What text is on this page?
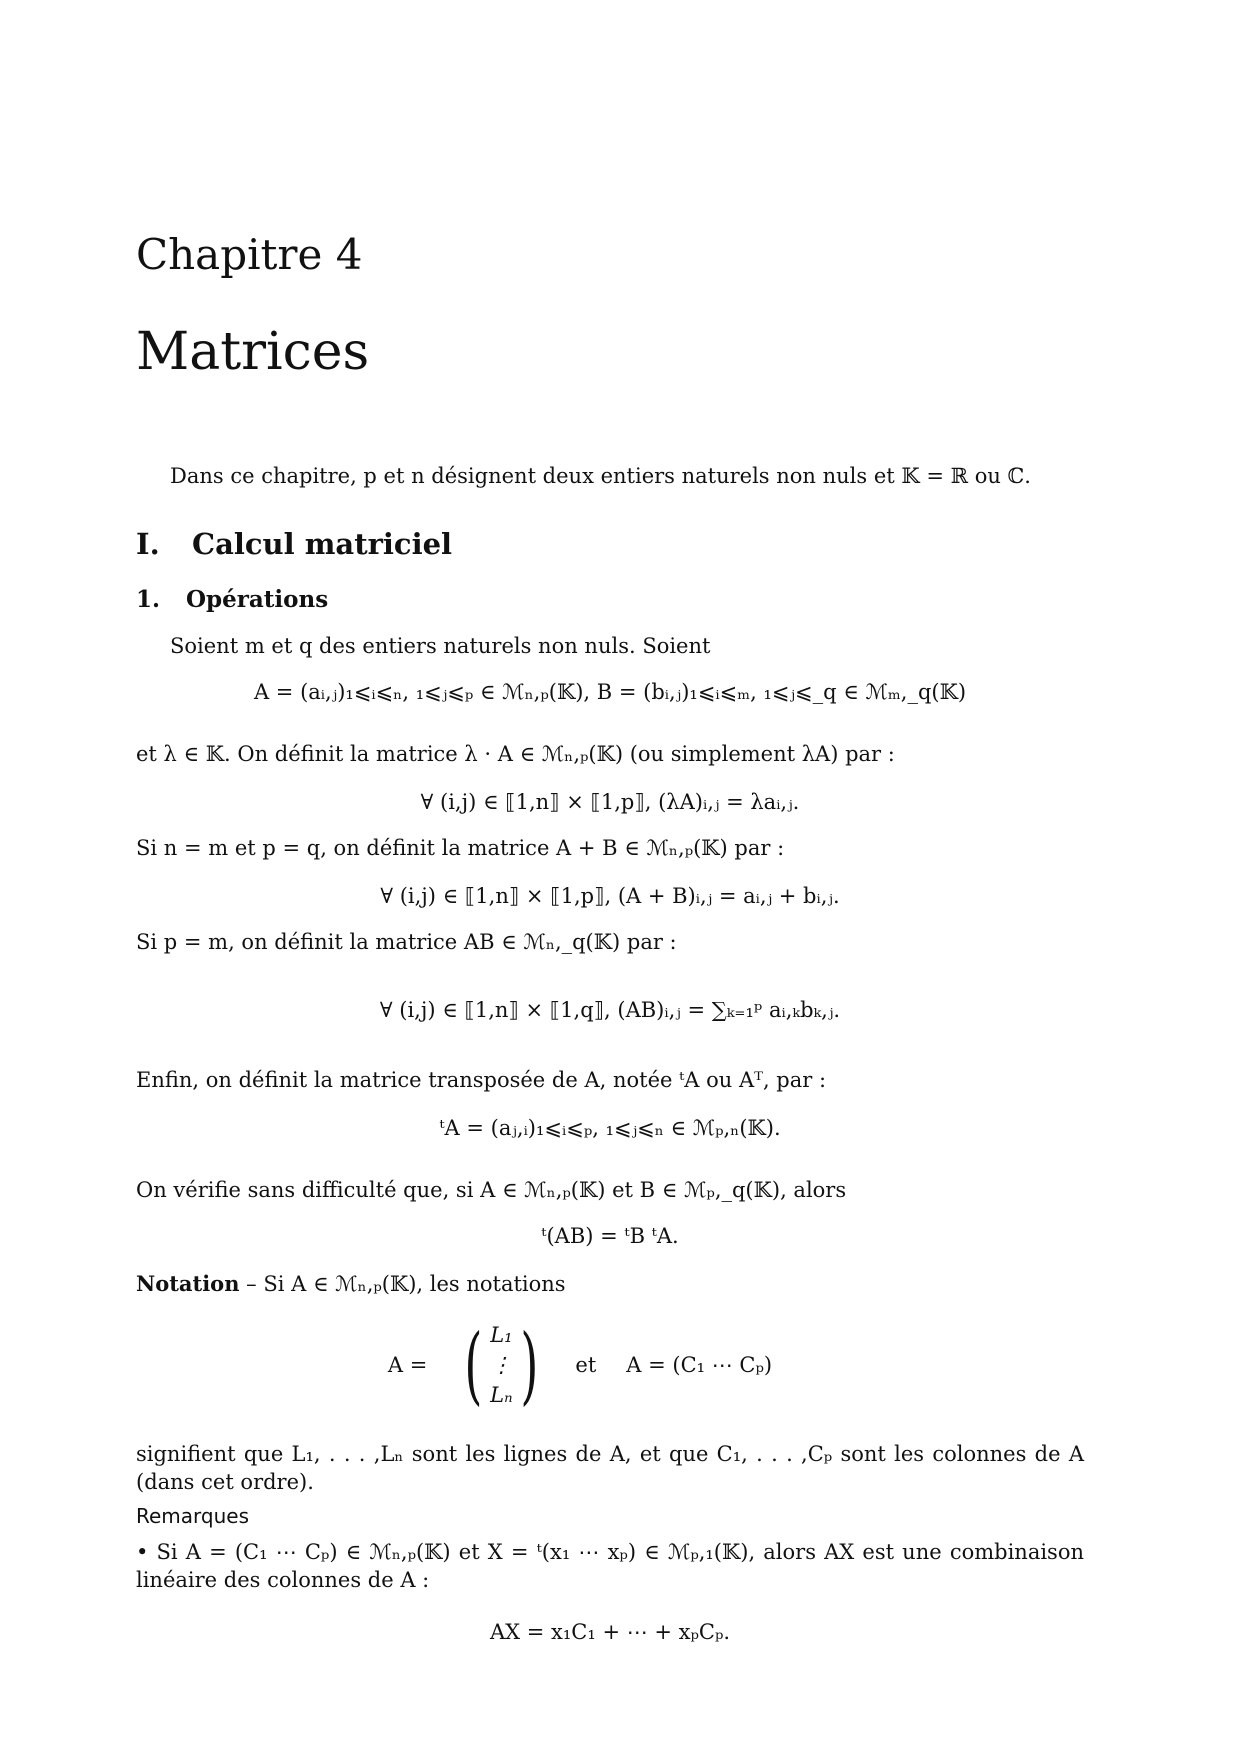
Chapitre 4
Matrices
Dans ce chapitre, p et n désignent deux entiers naturels non nuls et 𝕂 = ℝ ou ℂ.
I. Calcul matriciel
1. Opérations
Soient m et q des entiers naturels non nuls. Soient
A = (aᵢ,ⱼ)₁⩽ᵢ⩽ₙ, ₁⩽ⱼ⩽ₚ ∈ ℳₙ,ₚ(𝕂), B = (bᵢ,ⱼ)₁⩽ᵢ⩽ₘ, ₁⩽ⱼ⩽_q ∈ ℳₘ,_q(𝕂)
et λ ∈ 𝕂. On définit la matrice λ · A ∈ ℳₙ,ₚ(𝕂) (ou simplement λA) par :
∀ (i,j) ∈ ⟦1,n⟧ × ⟦1,p⟧, (λA)ᵢ,ⱼ = λaᵢ,ⱼ.
Si n = m et p = q, on définit la matrice A + B ∈ ℳₙ,ₚ(𝕂) par :
∀ (i,j) ∈ ⟦1,n⟧ × ⟦1,p⟧, (A + B)ᵢ,ⱼ = aᵢ,ⱼ + bᵢ,ⱼ.
Si p = m, on définit la matrice AB ∈ ℳₙ,_q(𝕂) par :
∀ (i,j) ∈ ⟦1,n⟧ × ⟦1,q⟧, (AB)ᵢ,ⱼ = ∑ₖ₌₁ᵖ aᵢ,ₖbₖ,ⱼ.
Enfin, on définit la matrice transposée de A, notée ᵗA ou Aᵀ, par :
ᵗA = (aⱼ,ᵢ)₁⩽ᵢ⩽ₚ, ₁⩽ⱼ⩽ₙ ∈ ℳₚ,ₙ(𝕂).
On vérifie sans difficulté que, si A ∈ ℳₙ,ₚ(𝕂) et B ∈ ℳₚ,_q(𝕂), alors
ᵗ(AB) = ᵗB ᵗA.
Notation – Si A ∈ ℳₙ,ₚ(𝕂), les notations
A = ( L₁
⋮
Lₙ ) et A = (C₁ ⋯ Cₚ)
signifient que L₁, . . . ,Lₙ sont les lignes de A, et que C₁, . . . ,Cₚ sont les colonnes de A (dans cet ordre).
Remarques
• Si A = (C₁ ⋯ Cₚ) ∈ ℳₙ,ₚ(𝕂) et X = ᵗ(x₁ ⋯ xₚ) ∈ ℳₚ,₁(𝕂), alors AX est une combinaison linéaire des colonnes de A :
AX = x₁C₁ + ⋯ + xₚCₚ.
